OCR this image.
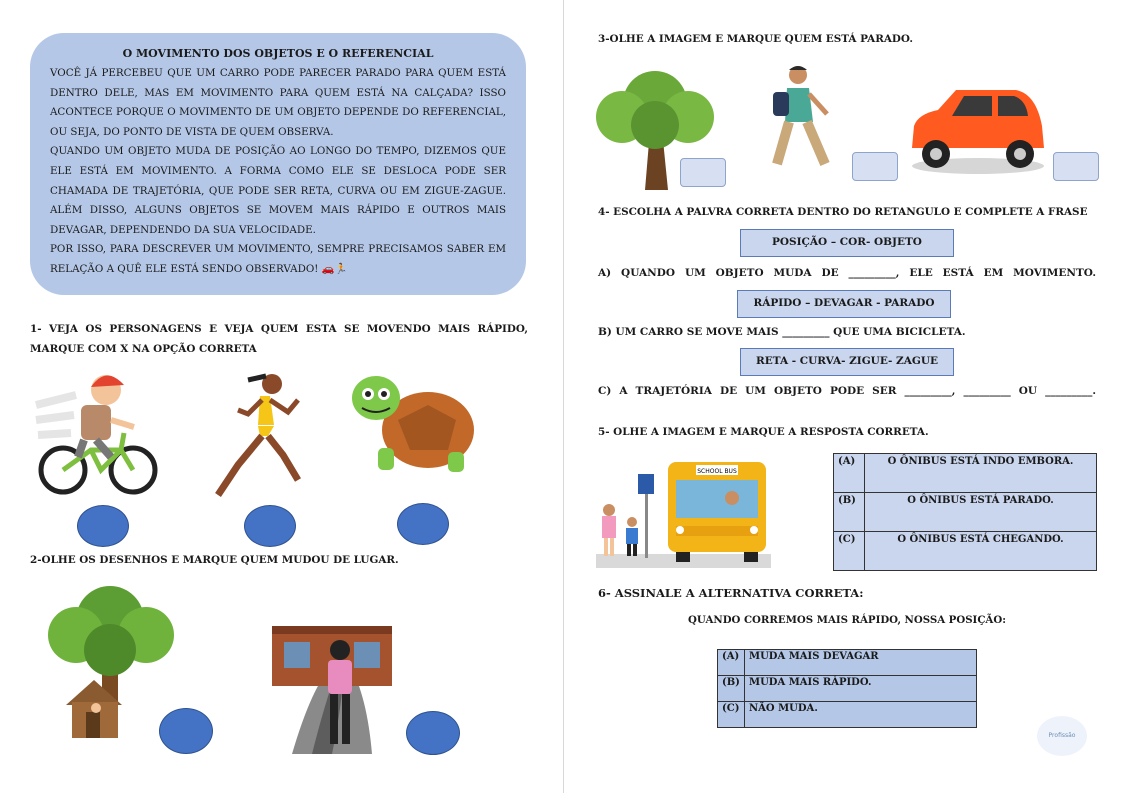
O MOVIMENTO DOS OBJETOS E O REFERENCIAL

VOCÊ JÁ PERCEBEU QUE UM CARRO PODE PARECER PARADO PARA QUEM ESTÁ DENTRO DELE, MAS EM MOVIMENTO PARA QUEM ESTÁ NA CALÇADA? ISSO ACONTECE PORQUE O MOVIMENTO DE UM OBJETO DEPENDE DO REFERENCIAL, OU SEJA, DO PONTO DE VISTA DE QUEM OBSERVA.

QUANDO UM OBJETO MUDA DE POSIÇÃO AO LONGO DO TEMPO, DIZEMOS QUE ELE ESTÁ EM MOVIMENTO. A FORMA COMO ELE SE DESLOCA PODE SER CHAMADA DE TRAJETÓRIA, QUE PODE SER RETA, CURVA OU EM ZIGUE-ZAGUE. ALÉM DISSO, ALGUNS OBJETOS SE MOVEM MAIS RÁPIDO E OUTROS MAIS DEVAGAR, DEPENDENDO DA SUA VELOCIDADE.

POR ISSO, PARA DESCREVER UM MOVIMENTO, SEMPRE PRECISAMOS SABER EM RELAÇÃO A QUÊ ELE ESTÁ SENDO OBSERVADO! 🚗🏃

1- VEJA OS PERSONAGENS E VEJA QUEM ESTA SE MOVENDO MAIS RÁPIDO, MARQUE COM X NA OPÇÃO CORRETA
2-OLHE OS DESENHOS E MARQUE QUEM MUDOU DE LUGAR.
3-OLHE A IMAGEM E MARQUE QUEM ESTÁ PARADO.
4- ESCOLHA A PALVRA CORRETA DENTRO DO RETANGULO E COMPLETE A FRASE
POSIÇÃO – COR- OBJETO
A) QUANDO UM OBJETO MUDA DE _________, ELE ESTÁ EM MOVIMENTO.
RÁPIDO – DEVAGAR - PARADO
B) UM CARRO SE MOVE MAIS _________ QUE UMA BICICLETA.
RETA - CURVA- ZIGUE- ZAGUE
C) A TRAJETÓRIA DE UM OBJETO PODE SER _________, _________ OU _________.
5- OLHE A IMAGEM E MARQUE A RESPOSTA CORRETA.
SCHOOL BUS
(A)	O ÔNIBUS ESTÁ INDO EMBORA.
(B)	O ÔNIBUS ESTÁ PARADO.
(C)	O ÔNIBUS ESTÁ CHEGANDO.
6- ASSINALE A ALTERNATIVA CORRETA:
QUANDO CORREMOS MAIS RÁPIDO, NOSSA POSIÇÃO:
(A)	MUDA MAIS DEVAGAR
(B)	MUDA MAIS RÁPIDO.
(C)	NÃO MUDA.
Profissão
